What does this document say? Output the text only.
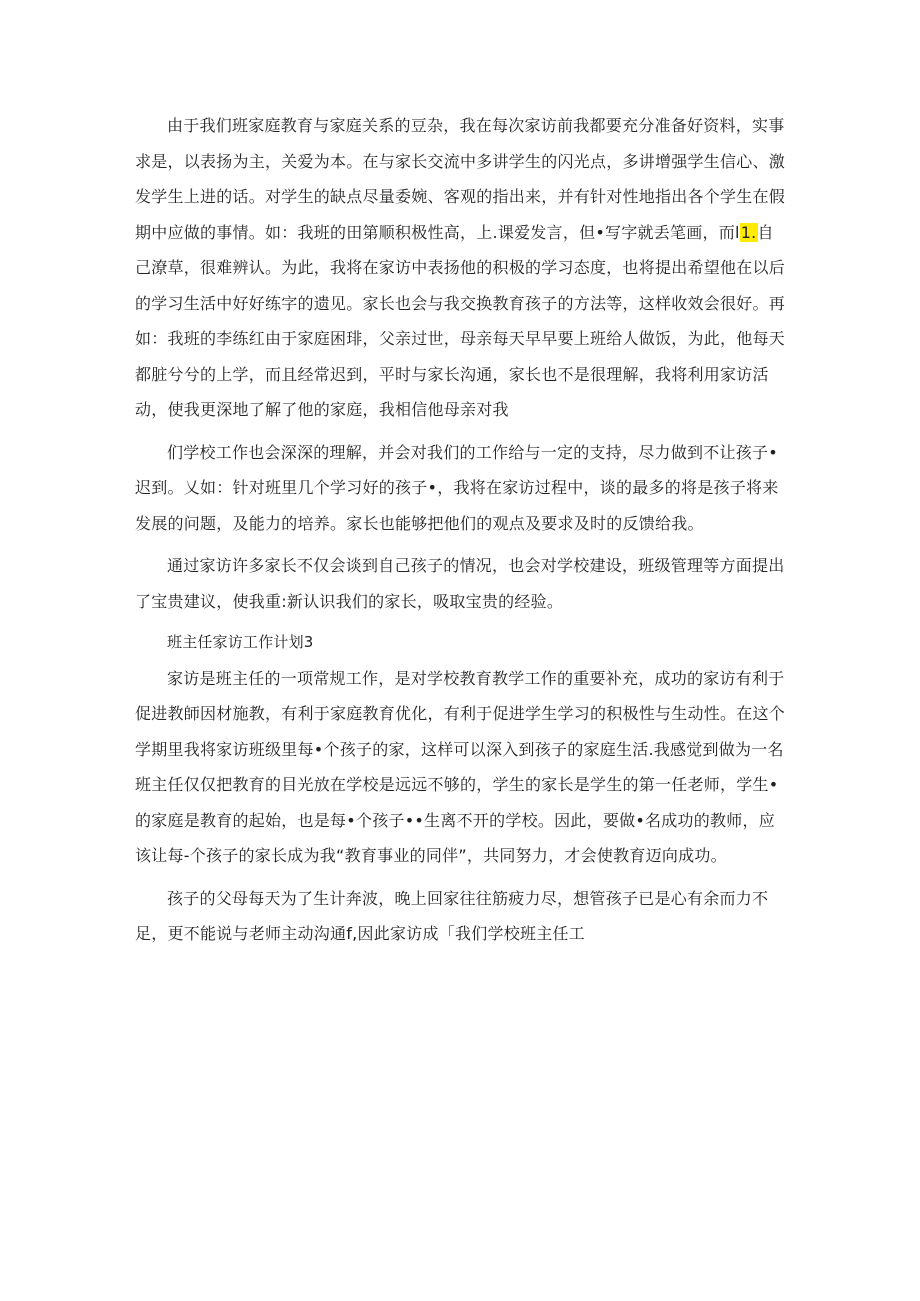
由于我们班家庭教育与家庭关系的豆杂，我在每次家访前我都要充分准备好资料，实事求是，以表扬为主，关爱为本。在与家长交流中多讲学生的闪光点，多讲增强学生信心、激发学生上进的话。对学生的缺点尽量委婉、客观的指出来，并有针对性地指出各个学生在假期中应做的事情。如：我班的田第顺积极性高，上.课爱发言，但•写字就丢笔画，而l1.自己潦草，很难辨认。为此，我将在家访中表扬他的积极的学习态度，也将提出希望他在以后的学习生活中好好练字的遗见。家长也会与我交换教育孩子的方法等，这样收效会很好。再如：我班的李练红由于家庭困琲，父亲过世，母亲每天早早要上班给人做饭，为此，他每天都脏兮兮的上学，而且经常迟到，平时与家长沟通，家长也不是很理解，我将利用家访活动，使我更深地了解了他的家庭，我相信他母亲对我

们学校工作也会深深的理解，并会对我们的工作给与一定的支持，尽力做到不让孩子•迟到。乂如：针对班里几个学习好的孩子•，我将在家访过程中，谈的最多的将是孩子将来发展的问题，及能力的培养。家长也能够把他们的观点及要求及时的反馈给我。

通过家访许多家长不仅会谈到自己孩子的情况，也会对学校建设，班级管理等方面提出了宝贵建议，使我重:新认识我们的家长，吸取宝贵的经验。

班主任家访工作计划3

家访是班主任的一项常规工作，是对学校教育教学工作的重要补充，成功的家访有利于促进教師因材施教，有利于家庭教育优化，有利于促进学生学习的积极性与生动性。在这个学期里我将家访班级里每•个孩子的家，这样可以深入到孩子的家庭生活.我感觉到做为一名班主任仅仅把教育的目光放在学校是远远不够的，学生的家长是学生的第一任老师，学生•的家庭是教育的起始，也是每•个孩子••生离不开的学校。因此，要做•名成功的教师，应该让每-个孩子的家长成为我“教育事业的同伴”，共同努力，才会使教育迈向成功。

孩子的父母每天为了生计奔波，晚上回家往往筋疲力尽，想管孩子已是心有余而力不足，更不能说与老师主动沟通f,因此家访成「我们学校班主任工
